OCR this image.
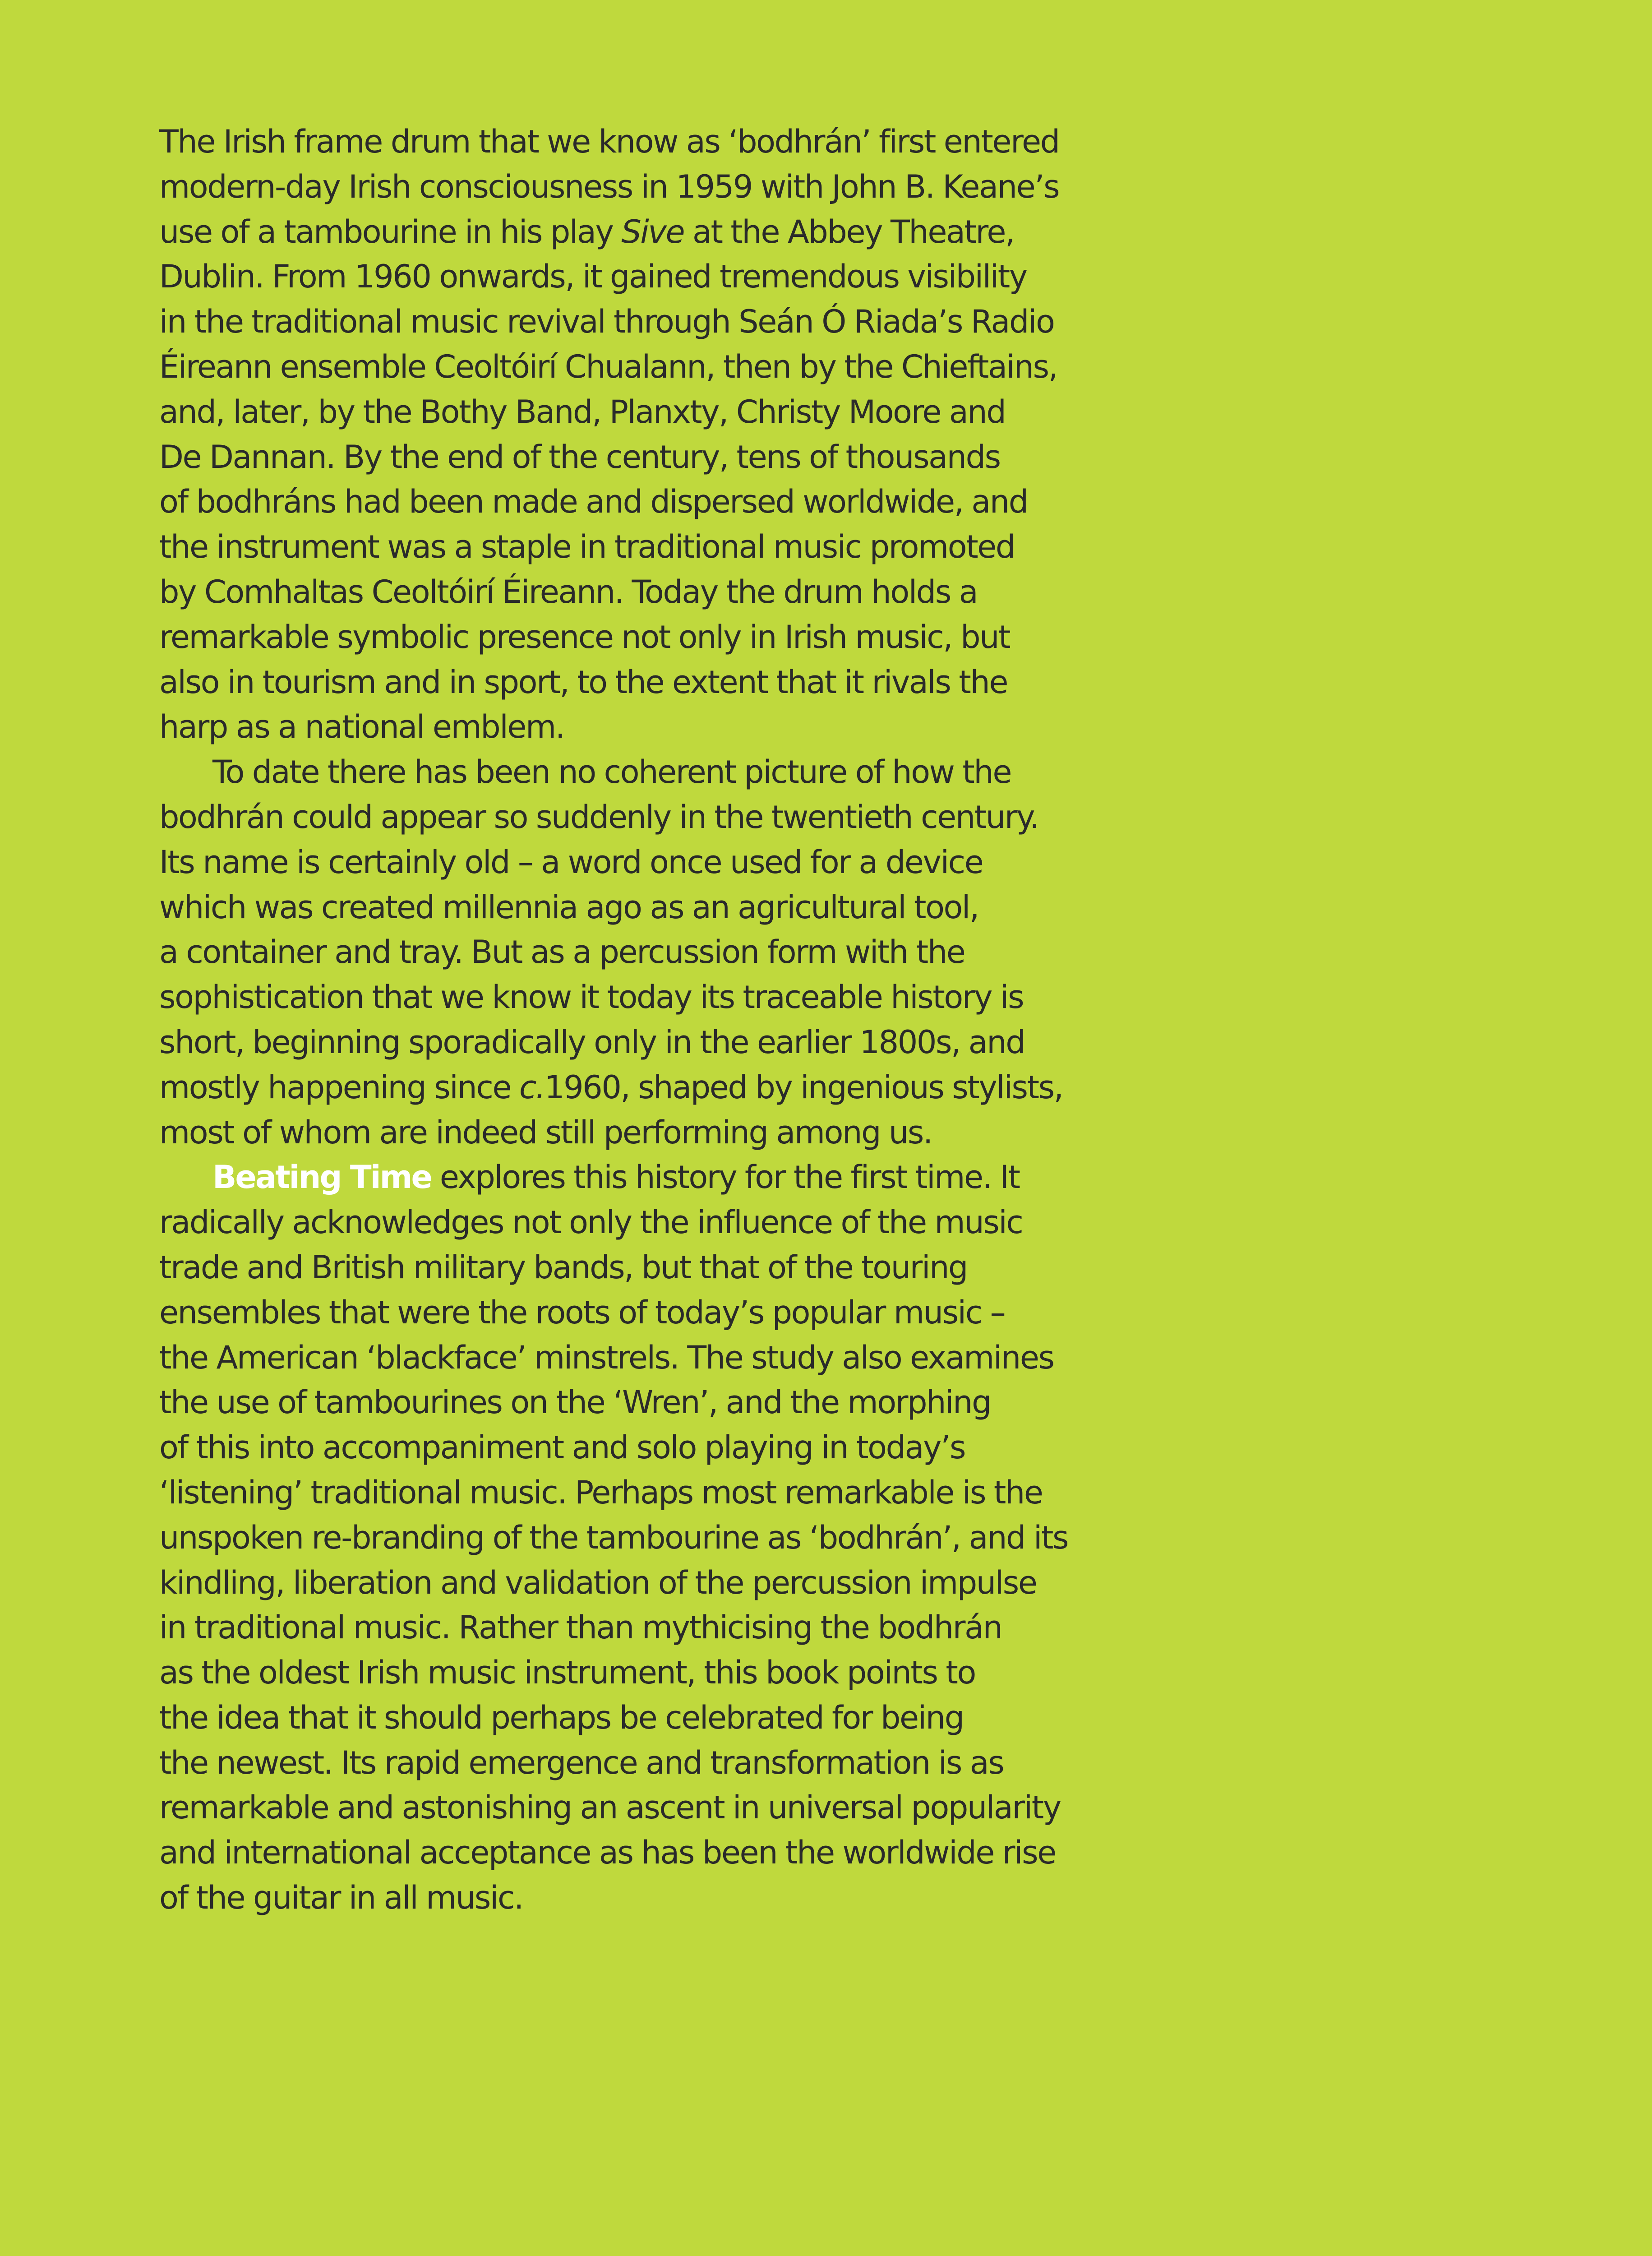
The Irish frame drum that we know as ‘bodhrán’ first entered
modern-day Irish consciousness in 1959 with John B. Keane’s
use of a tambourine in his play Sive at the Abbey Theatre,
Dublin. From 1960 onwards, it gained tremendous visibility
in the traditional music revival through Seán Ó Riada’s Radio
Éireann ensemble Ceoltóirí Chualann, then by the Chieftains,
and, later, by the Bothy Band, Planxty, Christy Moore and
De Dannan. By the end of the century, tens of thousands
of bodhráns had been made and dispersed worldwide, and
the instrument was a staple in traditional music promoted
by Comhaltas Ceoltóirí Éireann. Today the drum holds a
remarkable symbolic presence not only in Irish music, but
also in tourism and in sport, to the extent that it rivals the
harp as a national emblem.
To date there has been no coherent picture of how the
bodhrán could appear so suddenly in the twentieth century.
Its name is certainly old – a word once used for a device
which was created millennia ago as an agricultural tool,
a container and tray. But as a percussion form with the
sophistication that we know it today its traceable history is
short, beginning sporadically only in the earlier 1800s, and
mostly happening since c.1960, shaped by ingenious stylists,
most of whom are indeed still performing among us.
Beating Time explores this history for the first time. It
radically acknowledges not only the influence of the music
trade and British military bands, but that of the touring
ensembles that were the roots of today’s popular music –
the American ‘blackface’ minstrels. The study also examines
the use of tambourines on the ‘Wren’, and the morphing
of this into accompaniment and solo playing in today’s
‘listening’ traditional music. Perhaps most remarkable is the
unspoken re-branding of the tambourine as ‘bodhrán’, and its
kindling, liberation and validation of the percussion impulse
in traditional music. Rather than mythicising the bodhrán
as the oldest Irish music instrument, this book points to
the idea that it should perhaps be celebrated for being
the newest. Its rapid emergence and transformation is as
remarkable and astonishing an ascent in universal popularity
and international acceptance as has been the worldwide rise
of the guitar in all music.
